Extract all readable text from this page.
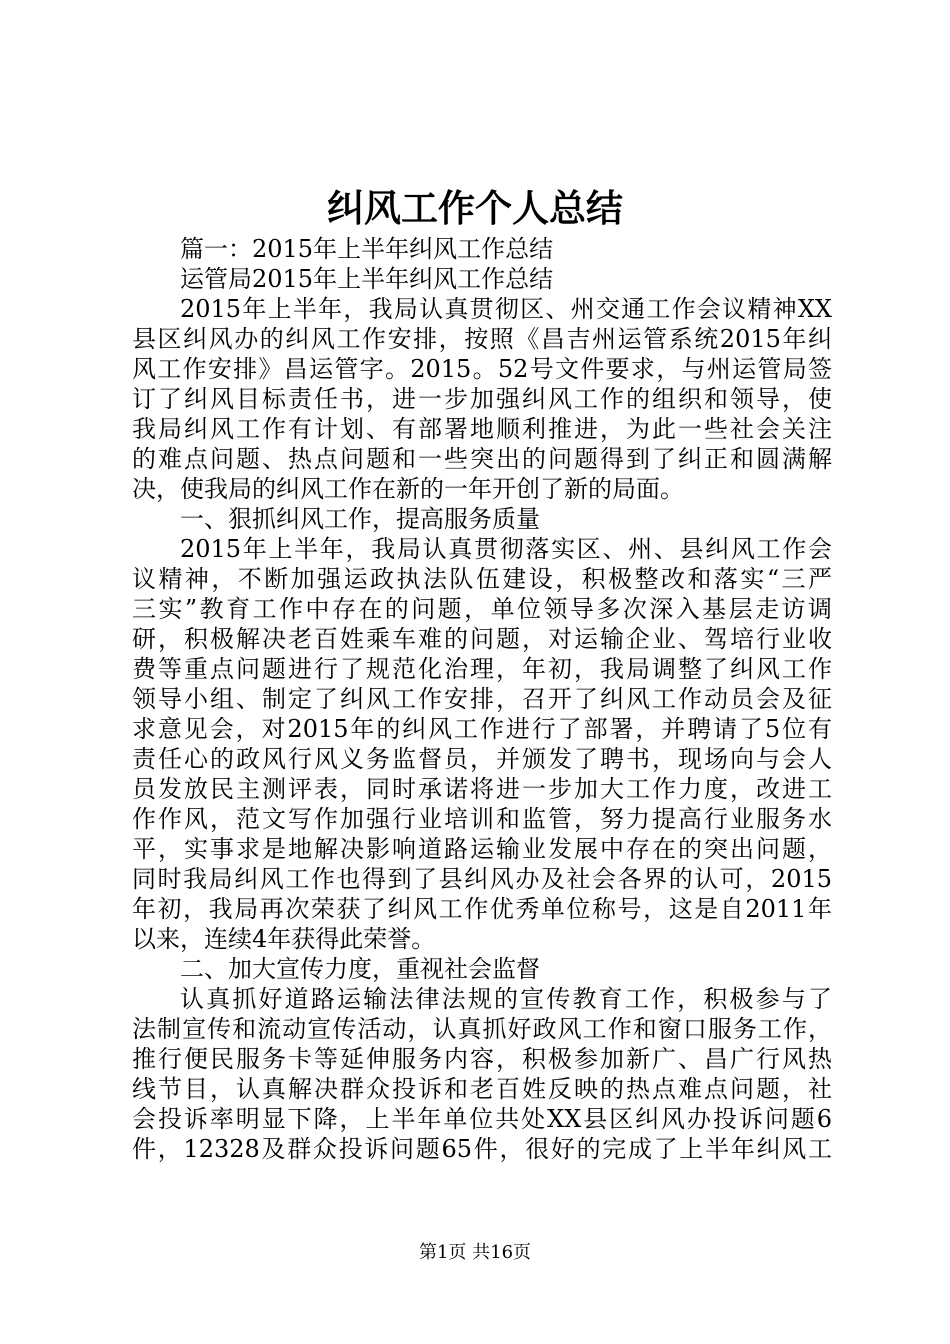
纠风工作个人总结
篇一：2015年上半年纠风工作总结
运管局2015年上半年纠风工作总结
2015年上半年，我局认真贯彻区、州交通工作会议精神XX
县区纠风办的纠风工作安排，按照《昌吉州运管系统2015年纠
风工作安排》昌运管字。2015。52号文件要求，与州运管局签
订了纠风目标责任书，进一步加强纠风工作的组织和领导，使
我局纠风工作有计划、有部署地顺利推进，为此一些社会关注
的难点问题、热点问题和一些突出的问题得到了纠正和圆满解
决，使我局的纠风工作在新的一年开创了新的局面。
一、狠抓纠风工作，提高服务质量
2015年上半年，我局认真贯彻落实区、州、县纠风工作会
议精神，不断加强运政执法队伍建设，积极整改和落实“三严
三实”教育工作中存在的问题，单位领导多次深入基层走访调
研，积极解决老百姓乘车难的问题，对运输企业、驾培行业收
费等重点问题进行了规范化治理，年初，我局调整了纠风工作
领导小组、制定了纠风工作安排，召开了纠风工作动员会及征
求意见会，对2015年的纠风工作进行了部署，并聘请了5位有
责任心的政风行风义务监督员，并颁发了聘书，现场向与会人
员发放民主测评表，同时承诺将进一步加大工作力度，改进工
作作风，范文写作加强行业培训和监管，努力提高行业服务水
平，实事求是地解决影响道路运输业发展中存在的突出问题，
同时我局纠风工作也得到了县纠风办及社会各界的认可，2015
年初，我局再次荣获了纠风工作优秀单位称号，这是自2011年
以来，连续4年获得此荣誉。
二、加大宣传力度，重视社会监督
认真抓好道路运输法律法规的宣传教育工作，积极参与了
法制宣传和流动宣传活动，认真抓好政风工作和窗口服务工作，
推行便民服务卡等延伸服务内容，积极参加新广、昌广行风热
线节目，认真解决群众投诉和老百姓反映的热点难点问题，社
会投诉率明显下降，上半年单位共处XX县区纠风办投诉问题6
件，12328及群众投诉问题65件，很好的完成了上半年纠风工
第1页 共16页
